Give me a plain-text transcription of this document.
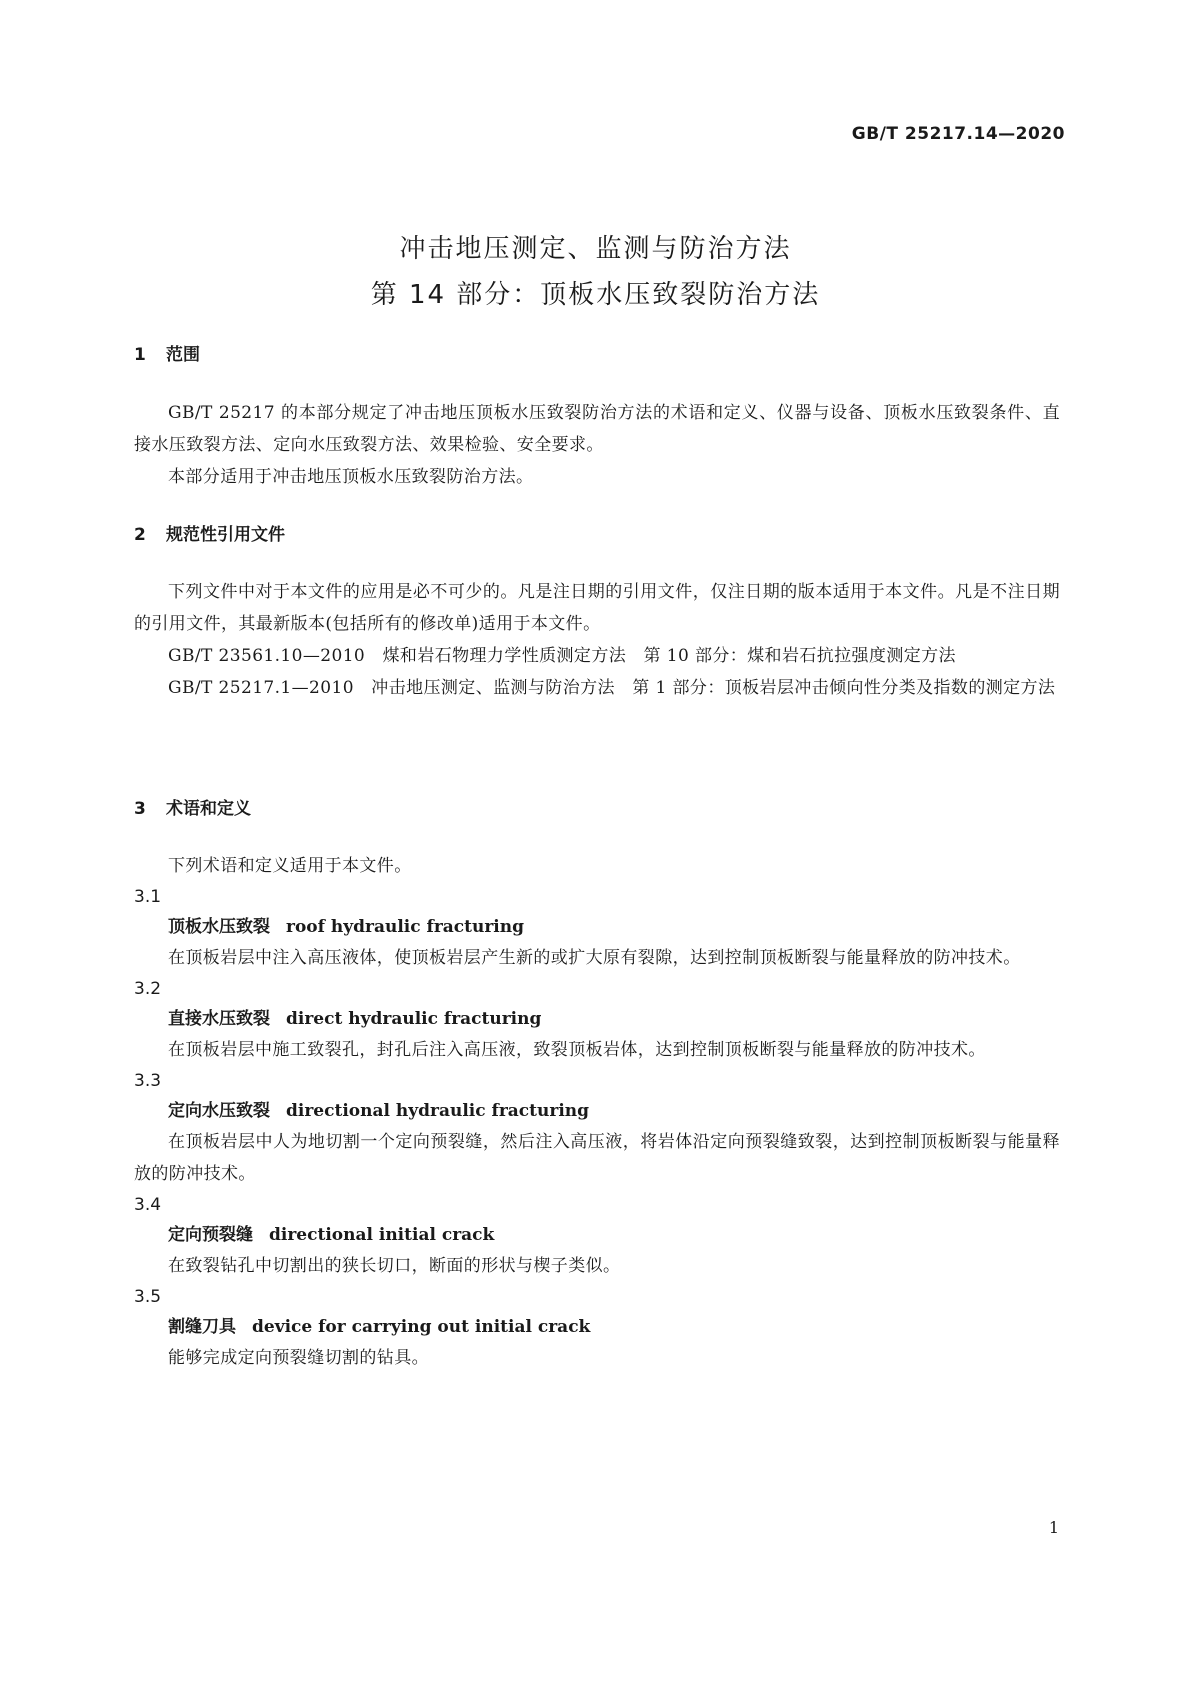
GB/T 25217.14—2020
冲击地压测定、监测与防治方法
第 14 部分：顶板水压致裂防治方法
1 范围

GB/T 25217 的本部分规定了冲击地压顶板水压致裂防治方法的术语和定义、仪器与设备、顶板水压致裂条件、直接水压致裂方法、定向水压致裂方法、效果检验、安全要求。

本部分适用于冲击地压顶板水压致裂防治方法。

2 规范性引用文件

下列文件中对于本文件的应用是必不可少的。凡是注日期的引用文件，仅注日期的版本适用于本文件。凡是不注日期的引用文件，其最新版本(包括所有的修改单)适用于本文件。

GB/T 23561.10—2010　煤和岩石物理力学性质测定方法　第 10 部分：煤和岩石抗拉强度测定方法

GB/T 25217.1—2010　冲击地压测定、监测与防治方法　第 1 部分：顶板岩层冲击倾向性分类及指数的测定方法

3 术语和定义

下列术语和定义适用于本文件。

3.1
顶板水压致裂 roof hydraulic fracturing

在顶板岩层中注入高压液体，使顶板岩层产生新的或扩大原有裂隙，达到控制顶板断裂与能量释放的防冲技术。

3.2
直接水压致裂 direct hydraulic fracturing

在顶板岩层中施工致裂孔，封孔后注入高压液，致裂顶板岩体，达到控制顶板断裂与能量释放的防冲技术。

3.3
定向水压致裂 directional hydraulic fracturing

在顶板岩层中人为地切割一个定向预裂缝，然后注入高压液，将岩体沿定向预裂缝致裂，达到控制顶板断裂与能量释放的防冲技术。

3.4
定向预裂缝 directional initial crack

在致裂钻孔中切割出的狭长切口，断面的形状与楔子类似。

3.5
割缝刀具 device for carrying out initial crack

能够完成定向预裂缝切割的钻具。

1
